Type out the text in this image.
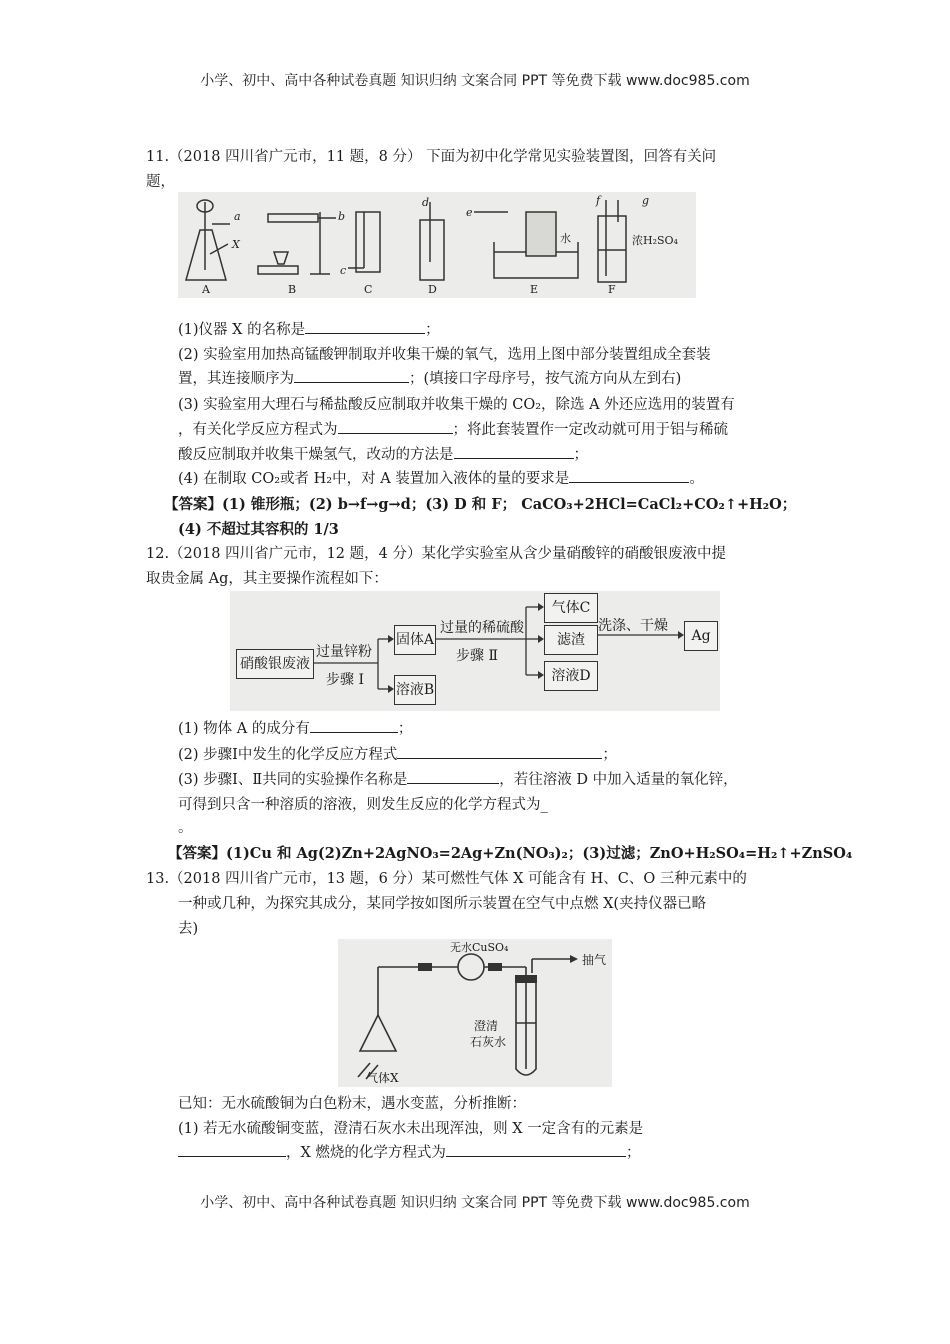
小学、初中、高中各种试卷真题 知识归纳 文案合同 PPT 等免费下载 www.doc985.com
11.（2018 四川省广元市，11 题，8 分） 下面为初中化学常见实验装置图，回答有关问
题，
A	B	C	D	E	F
a	b
c
d
e
f	g
X	水	浓H₂SO₄
(1)仪器 X 的名称是	；
(2) 实验室用加热高锰酸钾制取并收集干燥的氧气，选用上图中部分装置组成全套装
置，其连接顺序为	；(填接口字母序号，按气流方向从左到右)
(3) 实验室用大理石与稀盐酸反应制取并收集干燥的 CO₂，除选 A 外还应选用的装置有
，有关化学反应方程式为	；将此套装置作一定改动就可用于铝与稀硫
酸反应制取并收集干燥氢气，改动的方法是	；
(4) 在制取 CO₂或者 H₂中，对 A 装置加入液体的量的要求是	。
【答案】(1) 锥形瓶；(2) b→f→g→d；(3) D 和 F； CaCO₃+2HCl=CaCl₂+CO₂↑+H₂O；
(4) 不超过其容积的 1/3
12.（2018 四川省广元市，12 题，4 分）某化学实验室从含少量硝酸锌的硝酸银废液中提
取贵金属 Ag，其主要操作流程如下：
硝酸银废液
过量锌粉
步骤 Ⅰ
固体A
溶液B
过量的稀硫酸
步骤 Ⅱ
气体C
滤渣
溶液D
洗涤、干燥
Ag
(1) 物体 A 的成分有	；
(2) 步骤Ⅰ中发生的化学反应方程式	；
(3) 步骤Ⅰ、Ⅱ共同的实验操作名称是	，若往溶液 D 中加入适量的氧化锌，
可得到只含一种溶质的溶液，则发生反应的化学方程式为_
。
【答案】(1)Cu 和 Ag(2)Zn+2AgNO₃=2Ag+Zn(NO₃)₂；(3)过滤；ZnO+H₂SO₄=H₂↑+ZnSO₄
13.（2018 四川省广元市，13 题，6 分）某可燃性气体 X 可能含有 H、C、O 三种元素中的
一种或几种，为探究其成分，某同学按如图所示装置在空气中点燃 X(夹持仪器已略
去)
无水CuSO₄
抽气
澄清
石灰水
气体X
已知：无水硫酸铜为白色粉末，遇水变蓝，分析推断：
(1) 若无水硫酸铜变蓝，澄清石灰水未出现浑浊，则 X 一定含有的元素是
，X 燃烧的化学方程式为	；
小学、初中、高中各种试卷真题 知识归纳 文案合同 PPT 等免费下载 www.doc985.com
